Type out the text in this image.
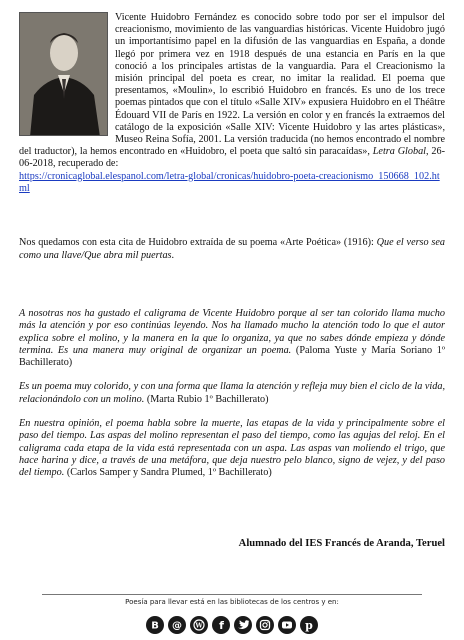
Vicente Huidobro Fernández es conocido sobre todo por ser el impulsor del creacionismo, movimiento de las vanguardias históricas. Vicente Huidobro jugó un importantísimo papel en la difusión de las vanguardias en España, a donde llegó por primera vez en 1918 después de una estancia en París en la que conoció a los principales artistas de la vanguardia. Para el Creacionismo la misión principal del poeta es crear, no imitar la realidad. El poema que presentamos, «Moulin», lo escribió Huidobro en francés. Es uno de los trece poemas pintados que con el título «Salle XIV» expusiera Huidobro en el Théâtre Édouard VII de París en 1922. La versión en color y en francés la extraemos del catálogo de la exposición «Salle XIV: Vicente Huidobro y las artes plásticas», Museo Reina Sofía, 2001. La versión traducida (no hemos encontrado el nombre del traductor), la hemos encontrado en «Huidobro, el poeta que saltó sin paracaídas», Letra Global, 26-06-2018, recuperado de:
https://cronicaglobal.elespanol.com/letra-global/cronicas/huidobro-poeta-creacionismo_150668_102.html

Nos quedamos con esta cita de Huidobro extraída de su poema «Arte Poética» (1916): Que el verso sea como una llave/Que abra mil puertas.

A nosotras nos ha gustado el caligrama de Vicente Huidobro porque al ser tan colorido llama mucho más la atención y por eso continúas leyendo. Nos ha llamado mucho la atención todo lo que el autor explica sobre el molino, y la manera en la que lo organiza, ya que no sabes dónde empieza y dónde termina. Es una manera muy original de organizar un poema. (Paloma Yuste y María Soriano 1º Bachillerato)

Es un poema muy colorido, y con una forma que llama la atención y refleja muy bien el ciclo de la vida, relacionándolo con un molino. (Marta Rubio 1º Bachillerato)

En nuestra opinión, el poema habla sobre la muerte, las etapas de la vida y principalmente sobre el paso del tiempo. Las aspas del molino representan el paso del tiempo, como las agujas del reloj. En el caligrama cada etapa de la vida está representada con un aspa. Las aspas van moliendo el trigo, que hace harina y dice, a través de una metáfora, que deja nuestro pelo blanco, signo de vejez, y del paso del tiempo. (Carlos Samper y Sandra Plumed, 1º Bachillerato)

Alumnado del IES Francés de Aranda, Teruel

Poesía para llevar está en las bibliotecas de los centros y en:

B @ W f	p
